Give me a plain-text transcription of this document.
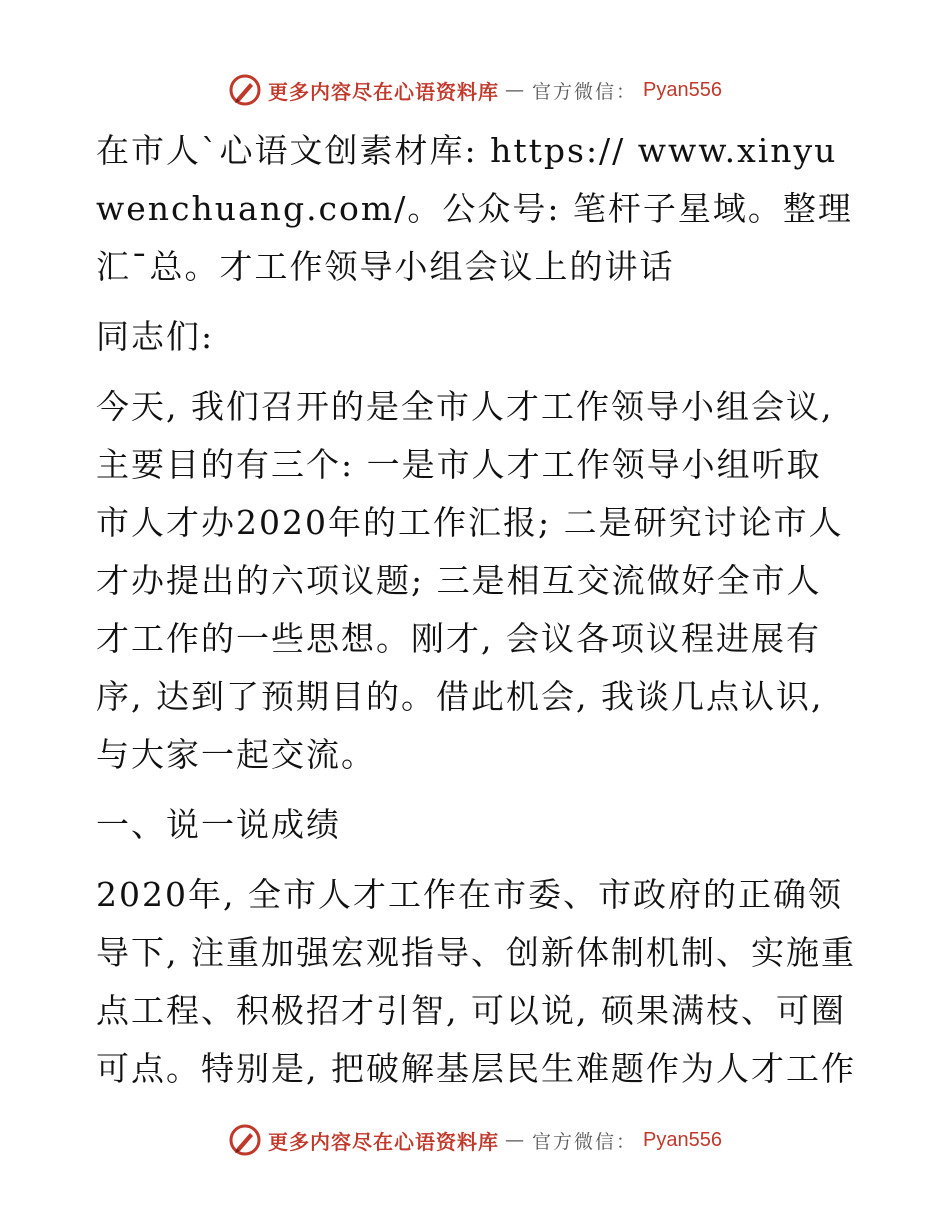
更多内容尽在心语资料库 — 官方微信： Pyan556

在市人`心语文创素材库: https:// www.xinyuwenchuang.com/。公众号: 笔杆子星域。整理汇¯总。才工作领导小组会议上的讲话

同志们:

今天, 我们召开的是全市人才工作领导小组会议, 主要目的有三个: 一是市人才工作领导小组听取市人才办2020年的工作汇报; 二是研究讨论市人才办提出的六项议题; 三是相互交流做好全市人才工作的一些思想。刚才, 会议各项议程进展有序, 达到了预期目的。借此机会, 我谈几点认识, 与大家一起交流。

一、说一说成绩

2020年, 全市人才工作在市委、市政府的正确领导下, 注重加强宏观指导、创新体制机制、实施重点工程、积极招才引智, 可以说, 硕果满枝、可圈可点。特别是, 把破解基层民生难题作为人才工作

更多内容尽在心语资料库 — 官方微信： Pyan556
